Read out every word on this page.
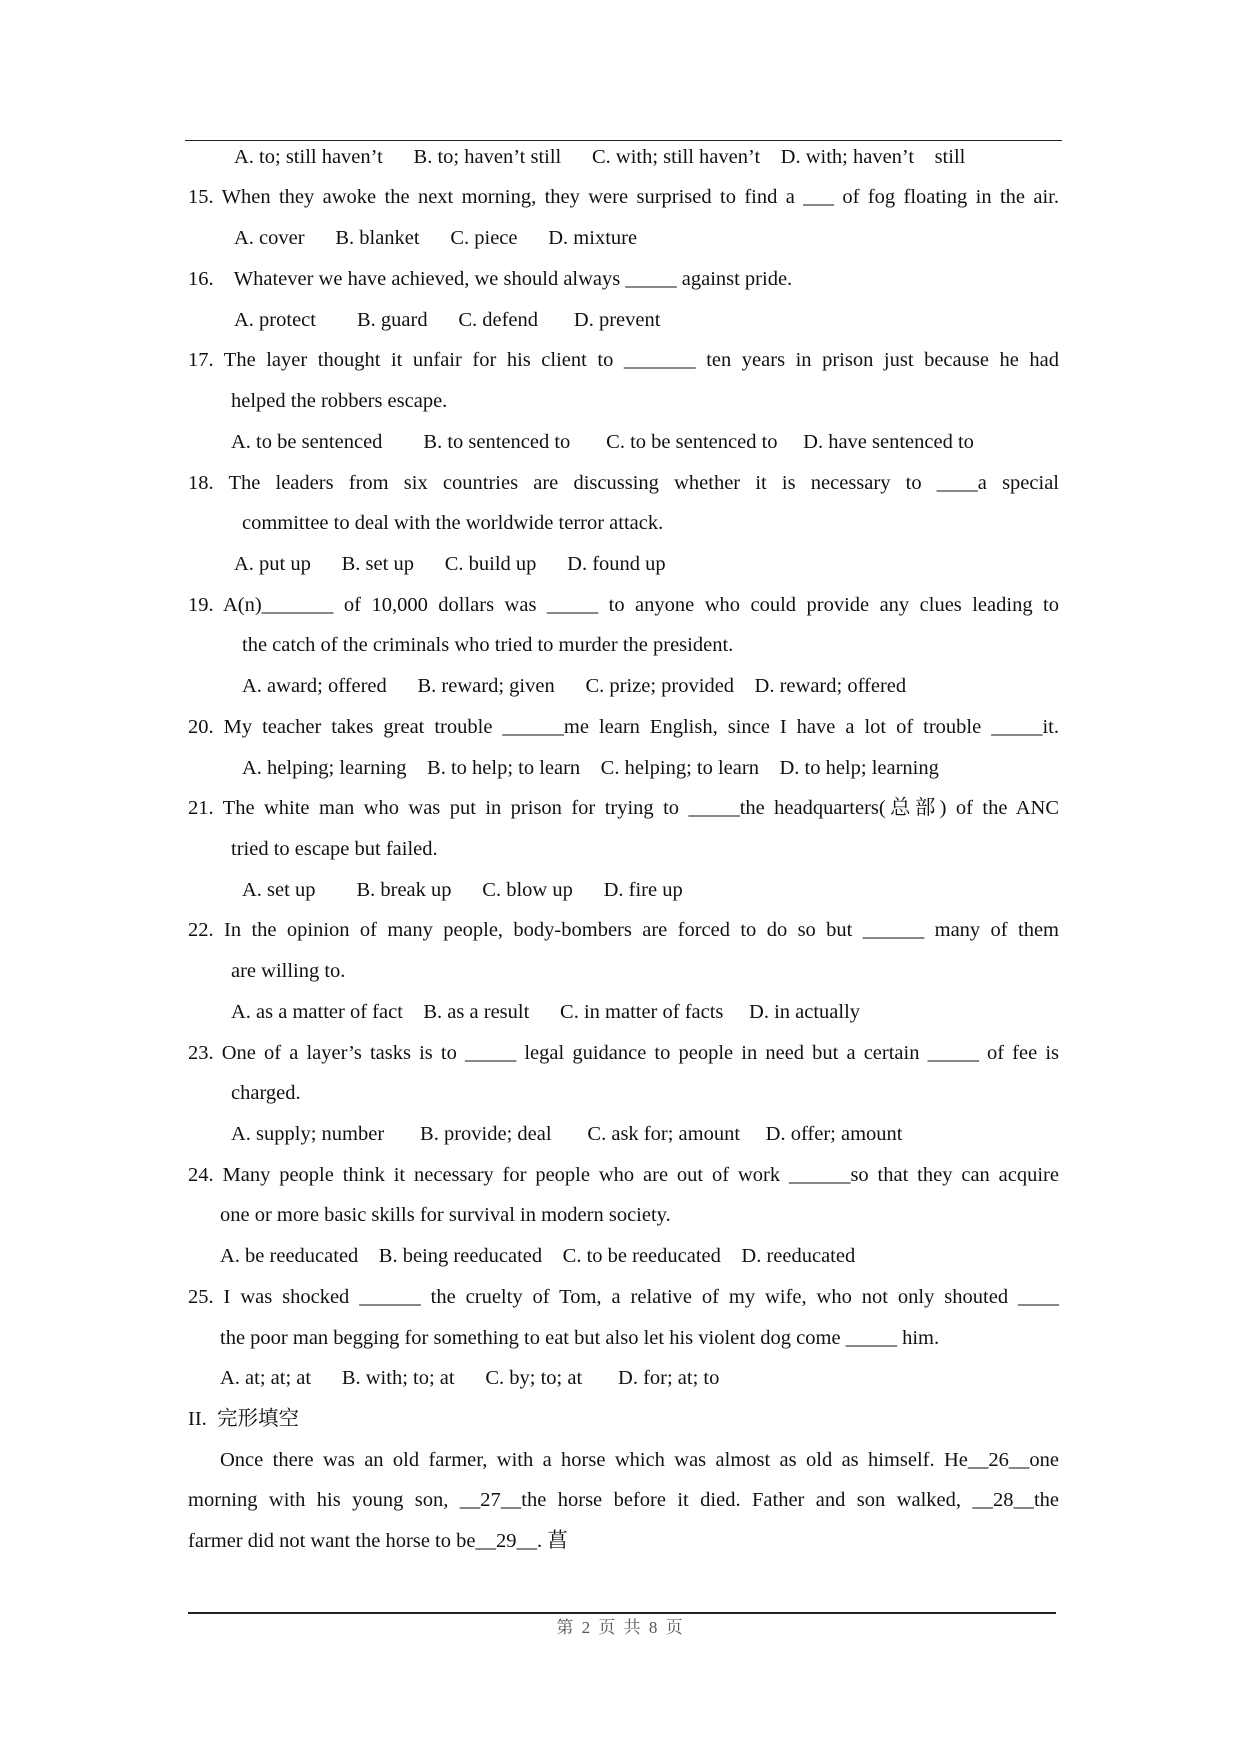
A. to; still haven’t      B. to; haven’t still      C. with; still haven’t    D. with; haven’t    still
15. When they awoke the next morning, they were surprised to find a ___ of fog floating in the air.
A. cover      B. blanket      C. piece      D. mixture
16.    Whatever we have achieved, we should always _____ against pride.
A. protect        B. guard      C. defend       D. prevent
17. The layer thought it unfair for his client to _______ ten years in prison just because he had
helped the robbers escape.
A. to be sentenced        B. to sentenced to       C. to be sentenced to     D. have sentenced to
18. The leaders from six countries are discussing whether it is necessary to ____a special
committee to deal with the worldwide terror attack.
A. put up      B. set up      C. build up      D. found up
19. A(n)_______ of 10,000 dollars was _____ to anyone who could provide any clues leading to
the catch of the criminals who tried to murder the president.
A. award; offered      B. reward; given      C. prize; provided    D. reward; offered
20. My teacher takes great trouble ______me learn English, since I have a lot of trouble _____it.
A. helping; learning    B. to help; to learn    C. helping; to learn    D. to help; learning
21. The white man who was put in prison for trying to _____the headquarters(总部) of the ANC
tried to escape but failed.
A. set up        B. break up      C. blow up      D. fire up
22. In the opinion of many people, body-bombers are forced to do so but ______ many of them
are willing to.
A. as a matter of fact    B. as a result      C. in matter of facts     D. in actually
23. One of a layer’s tasks is to _____ legal guidance to people in need but a certain _____ of fee is
charged.
A. supply; number       B. provide; deal       C. ask for; amount     D. offer; amount
24. Many people think it necessary for people who are out of work ______so that they can acquire
one or more basic skills for survival in modern society.
A. be reeducated    B. being reeducated    C. to be reeducated    D. reeducated
25. I was shocked ______ the cruelty of Tom, a relative of my wife, who not only shouted ____
the poor man begging for something to eat but also let his violent dog come _____ him.
A. at; at; at      B. with; to; at      C. by; to; at       D. for; at; to
II.  完形填空
Once there was an old farmer, with a horse which was almost as old as himself. He__26__one
morning with his young son, __27__the horse before it died. Father and son walked, __28__the
farmer did not want the horse to be__29__. 菖
第 2 页 共 8 页
